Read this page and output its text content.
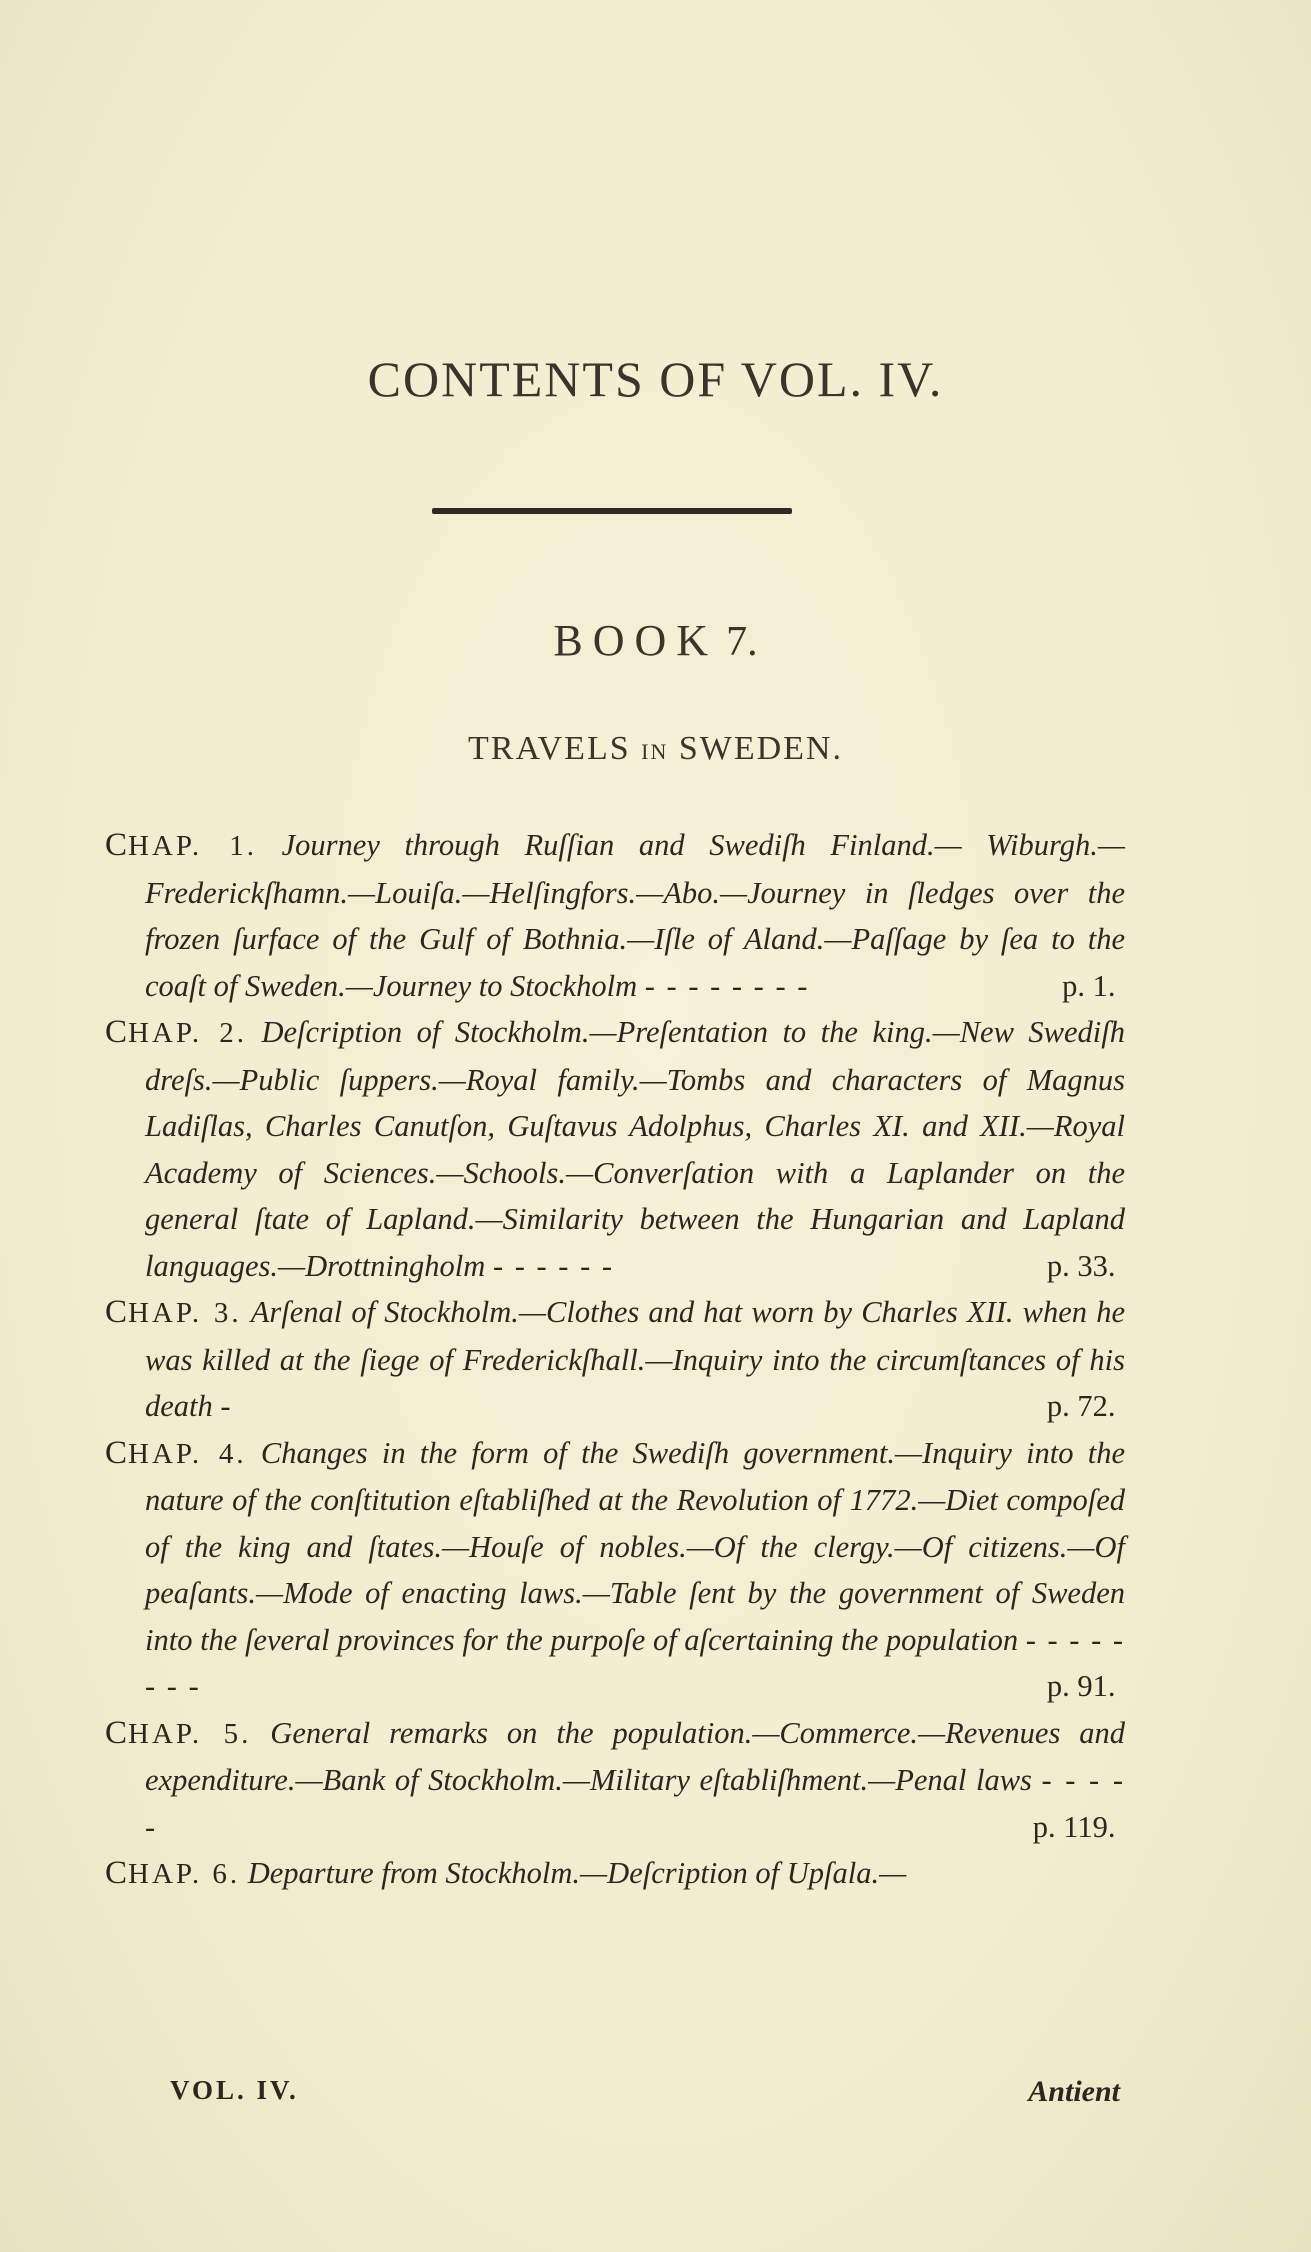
CONTENTS OF VOL. IV.
BOOK 7.
TRAVELS IN SWEDEN.
CHAP. 1. Journey through Ruſſian and Swediſh Finland.— Wiburgh.—Frederickſhamn.—Louiſa.—Helſingfors.—Abo.—Journey in ſledges over the frozen ſurface of the Gulf of Bothnia.—Iſle of Aland.—Paſſage by ſea to the coaſt of Sweden.—Journey to Stockholm - - - - - - - -	p. 1.
CHAP. 2. Deſcription of Stockholm.—Preſentation to the king.—New Swediſh dreſs.—Public ſuppers.—Royal family.—Tombs and characters of Magnus Ladiſlas, Charles Canutſon, Guſtavus Adolphus, Charles XI. and XII.—Royal Academy of Sciences.—Schools.—Converſation with a Laplander on the general ſtate of Lapland.—Similarity between the Hungarian and Lapland languages.—Drottningholm - - - - - -	p. 33.
CHAP. 3. Arſenal of Stockholm.—Clothes and hat worn by Charles XII. when he was killed at the ſiege of Frederickſhall.—Inquiry into the circumſtances of his death -	p. 72.
CHAP. 4. Changes in the form of the Swediſh government.—Inquiry into the nature of the conſtitution eſtabliſhed at the Revolution of 1772.—Diet compoſed of the king and ſtates.—Houſe of nobles.—Of the clergy.—Of citizens.—Of peaſants.—Mode of enacting laws.—Table ſent by the government of Sweden into the ſeveral provinces for the purpoſe of aſcertaining the population - - - - - - - -	p. 91.
CHAP. 5. General remarks on the population.—Commerce.—Revenues and expenditure.—Bank of Stockholm.—Military eſtabliſhment.—Penal laws - - - - -	p. 119.
CHAP. 6. Departure from Stockholm.—Deſcription of Upſala.—
VOL. IV.	Antient
